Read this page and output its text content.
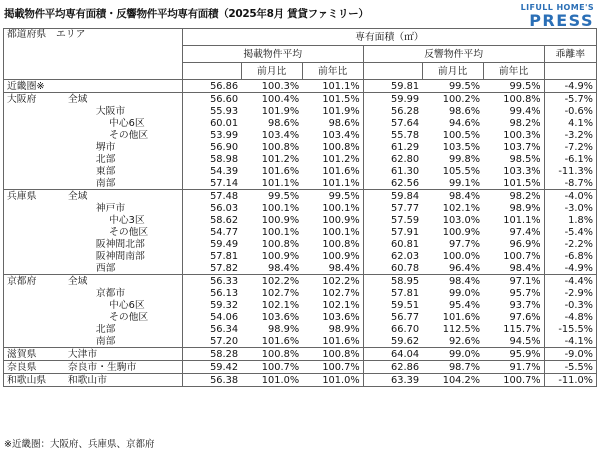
掲載物件平均専有面積・反響物件平均専有面積（2025年8月 賃貸ファミリー）
LIFULL HOME'S
PRESS
都道府県　エリア			専有面積（㎡）						
			掲載物件平均			反響物件平均			乖離率
				前月比	前年比		前月比	前年比	
近畿圏※			56.86	100.3%	101.1%	59.81	99.5%	99.5%	-4.9%
大阪府	全域		56.60	100.4%	101.5%	59.99	100.2%	100.8%	-5.7%
	大阪市		55.93	101.9%	101.9%	56.28	98.6%	99.4%	-0.6%
		中心6区	60.01	98.6%	98.6%	57.64	94.6%	98.2%	4.1%
		その他区	53.99	103.4%	103.4%	55.78	100.5%	100.3%	-3.2%
	堺市		56.90	100.8%	100.8%	61.29	103.5%	103.7%	-7.2%
	北部		58.98	101.2%	101.2%	62.80	99.8%	98.5%	-6.1%
	東部		54.39	101.6%	101.6%	61.30	105.5%	103.3%	-11.3%
	南部		57.14	101.1%	101.1%	62.56	99.1%	101.5%	-8.7%
兵庫県	全域		57.48	99.5%	99.5%	59.84	98.4%	98.2%	-4.0%
	神戸市		56.03	100.1%	100.1%	57.77	102.1%	98.9%	-3.0%
		中心3区	58.62	100.9%	100.9%	57.59	103.0%	101.1%	1.8%
		その他区	54.77	100.1%	100.1%	57.91	100.9%	97.4%	-5.4%
	阪神間北部		59.49	100.8%	100.8%	60.81	97.7%	96.9%	-2.2%
	阪神間南部		57.81	100.9%	100.9%	62.03	100.0%	100.7%	-6.8%
	西部		57.82	98.4%	98.4%	60.78	96.4%	98.4%	-4.9%
京都府	全域		56.33	102.2%	102.2%	58.95	98.4%	97.1%	-4.4%
	京都市		56.13	102.7%	102.7%	57.81	99.0%	95.7%	-2.9%
		中心6区	59.32	102.1%	102.1%	59.51	95.4%	93.7%	-0.3%
		その他区	54.06	103.6%	103.6%	56.77	101.6%	97.6%	-4.8%
	北部		56.34	98.9%	98.9%	66.70	112.5%	115.7%	-15.5%
	南部		57.20	101.6%	101.6%	59.62	92.6%	94.5%	-4.1%
滋賀県	大津市		58.28	100.8%	100.8%	64.04	99.0%	95.9%	-9.0%
奈良県	奈良市・生駒市		59.42	100.7%	100.7%	62.86	98.7%	91.7%	-5.5%
和歌山県	和歌山市		56.38	101.0%	101.0%	63.39	104.2%	100.7%	-11.0%
※近畿圏：大阪府、兵庫県、京都府
